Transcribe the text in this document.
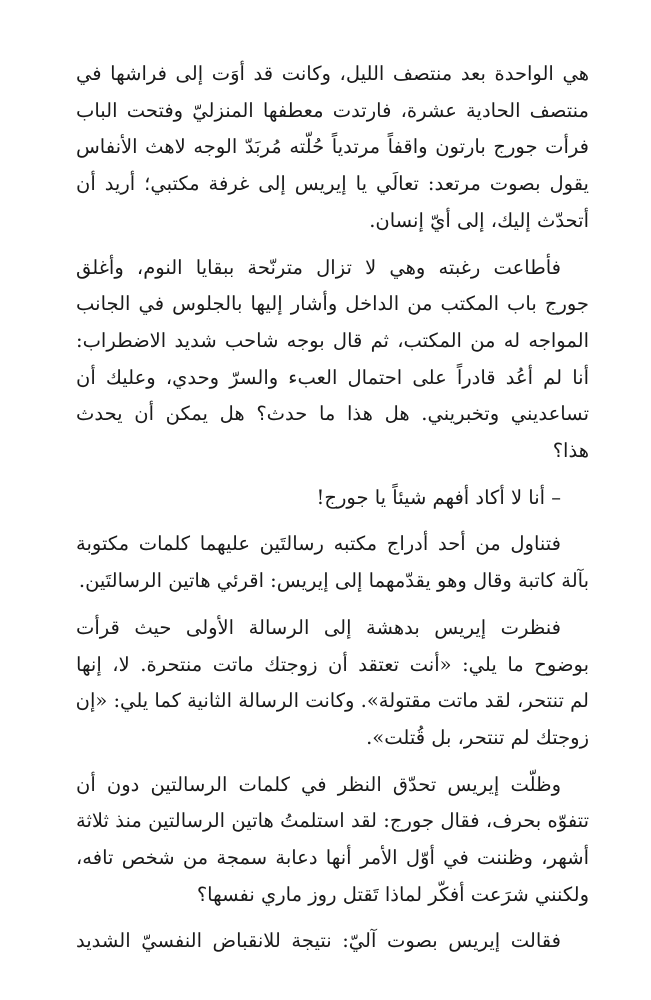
هي الواحدة بعد منتصف الليل، وكانت قد أوَت إلى فراشها في
منتصف الحادية عشرة، فارتدت معطفها المنزليّ وفتحت الباب
فرأت جورج بارتون واقفاً مرتدياً حُلّته مُربَدّ الوجه لاهث الأنفاس
يقول بصوت مرتعد: تعالَي يا إيريس إلى غرفة مكتبي؛ أريد أن
أتحدّث إليك، إلى أيّ إنسان.

فأطاعت رغبته وهي لا تزال مترنّحة ببقايا النوم، وأغلق
جورج باب المكتب من الداخل وأشار إليها بالجلوس في الجانب
المواجه له من المكتب، ثم قال بوجه شاحب شديد الاضطراب:
أنا لم أعُد قادراً على احتمال العبء والسرّ وحدي، وعليك أن
تساعديني وتخبريني. هل هذا ما حدث؟ هل يمكن أن يحدث
هذا؟

– أنا لا أكاد أفهم شيئاً يا جورج!

فتناول من أحد أدراج مكتبه رسالتَين عليهما كلمات مكتوبة
بآلة كاتبة وقال وهو يقدّمهما إلى إيريس: اقرئي هاتين الرسالتَين.

فنظرت إيريس بدهشة إلى الرسالة الأولى حيث قرأت
بوضوح ما يلي: «أنت تعتقد أن زوجتك ماتت منتحرة. لا، إنها
لم تنتحر، لقد ماتت مقتولة». وكانت الرسالة الثانية كما يلي: «إن
زوجتك لم تنتحر، بل قُتلت».

وظلّت إيريس تحدّق النظر في كلمات الرسالتين دون أن
تتفوّه بحرف، فقال جورج: لقد استلمتُ هاتين الرسالتين منذ ثلاثة
أشهر، وظننت في أوّل الأمر أنها دعابة سمجة من شخص تافه،
ولكنني شرَعت أفكّر لماذا تَقتل روز ماري نفسها؟

فقالت إيريس بصوت آليّ: نتيجة للانقباض النفسيّ الشديد
